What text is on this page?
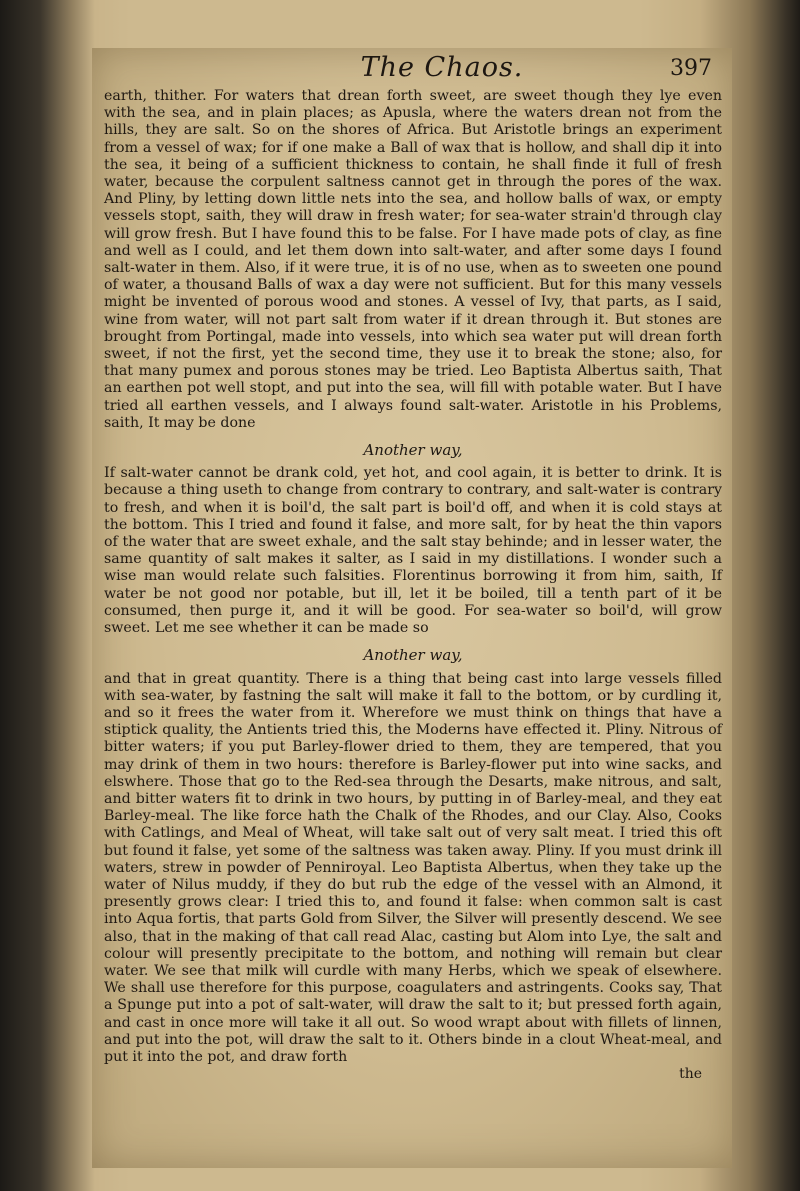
The Chaos.	397

earth, thither. For waters that drean forth sweet, are sweet though they lye even with the sea, and in plain places; as Apusla, where the waters drean not from the hills, they are salt. So on the shores of Africa. But Aristotle brings an experiment from a vessel of wax; for if one make a Ball of wax that is hollow, and shall dip it into the sea, it being of a sufficient thickness to contain, he shall finde it full of fresh water, because the corpulent saltness cannot get in through the pores of the wax. And Pliny, by letting down little nets into the sea, and hollow balls of wax, or empty vessels stopt, saith, they will draw in fresh water; for sea-water strain'd through clay will grow fresh. But I have found this to be false. For I have made pots of clay, as fine and well as I could, and let them down into salt-water, and after some days I found salt-water in them. Also, if it were true, it is of no use, when as to sweeten one pound of water, a thousand Balls of wax a day were not sufficient. But for this many vessels might be invented of porous wood and stones. A vessel of Ivy, that parts, as I said, wine from water, will not part salt from water if it drean through it. But stones are brought from Portingal, made into vessels, into which sea water put will drean forth sweet, if not the first, yet the second time, they use it to break the stone; also, for that many pumex and porous stones may be tried. Leo Baptista Albertus saith, That an earthen pot well stopt, and put into the sea, will fill with potable water. But I have tried all earthen vessels, and I always found salt-water. Aristotle in his Problems, saith, It may be done

Another way,

If salt-water cannot be drank cold, yet hot, and cool again, it is better to drink. It is because a thing useth to change from contrary to contrary, and salt-water is contrary to fresh, and when it is boil'd, the salt part is boil'd off, and when it is cold stays at the bottom. This I tried and found it false, and more salt, for by heat the thin vapors of the water that are sweet exhale, and the salt stay behinde; and in lesser water, the same quantity of salt makes it salter, as I said in my distillations. I wonder such a wise man would relate such falsities. Florentinus borrowing it from him, saith, If water be not good nor potable, but ill, let it be boiled, till a tenth part of it be consumed, then purge it, and it will be good. For sea-water so boil'd, will grow sweet. Let me see whether it can be made so

Another way,

and that in great quantity. There is a thing that being cast into large vessels filled with sea-water, by fastning the salt will make it fall to the bottom, or by curdling it, and so it frees the water from it. Wherefore we must think on things that have a stiptick quality, the Antients tried this, the Moderns have effected it. Pliny. Nitrous of bitter waters; if you put Barley-flower dried to them, they are tempered, that you may drink of them in two hours: therefore is Barley-flower put into wine sacks, and elswhere. Those that go to the Red-sea through the Desarts, make nitrous, and salt, and bitter waters fit to drink in two hours, by putting in of Barley-meal, and they eat Barley-meal. The like force hath the Chalk of the Rhodes, and our Clay. Also, Cooks with Catlings, and Meal of Wheat, will take salt out of very salt meat. I tried this oft but found it false, yet some of the saltness was taken away. Pliny. If you must drink ill waters, strew in powder of Penniroyal. Leo Baptista Albertus, when they take up the water of Nilus muddy, if they do but rub the edge of the vessel with an Almond, it presently grows clear: I tried this to, and found it false: when common salt is cast into Aqua fortis, that parts Gold from Silver, the Silver will presently descend. We see also, that in the making of that call read Alac, casting but Alom into Lye, the salt and colour will presently precipitate to the bottom, and nothing will remain but clear water. We see that milk will curdle with many Herbs, which we speak of elsewhere. We shall use therefore for this purpose, coagulaters and astringents. Cooks say, That a Spunge put into a pot of salt-water, will draw the salt to it; but pressed forth again, and cast in once more will take it all out. So wood wrapt about with fillets of linnen, and put into the pot, will draw the salt to it. Others binde in a clout Wheat-meal, and put it into the pot, and draw forth

the
